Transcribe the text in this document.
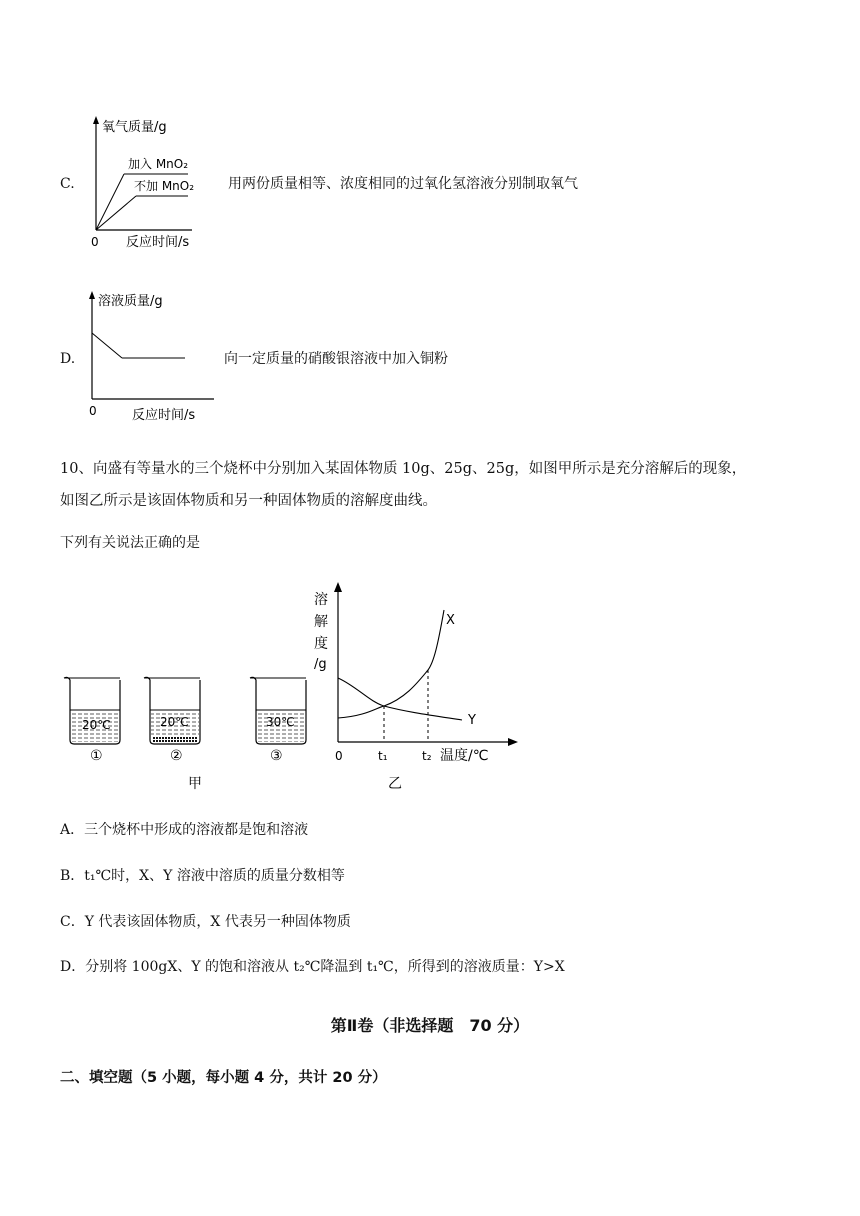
C.
氧气质量/g
加入 MnO₂
不加 MnO₂
0 反应时间/s
用两份质量相等、浓度相同的过氧化氢溶液分别制取氧气
D.
溶液质量/g
0	反应时间/s
向一定质量的硝酸银溶液中加入铜粉
10、向盛有等量水的三个烧杯中分别加入某固体物质 10g、25g、25g，如图甲所示是充分溶解后的现象，
如图乙所示是该固体物质和另一种固体物质的溶解度曲线。
下列有关说法正确的是
20℃	20℃	30℃
①	②	③
甲
溶
解
度
/g
X
Y
0	t₁	t₂ 温度/℃
乙
A．三个烧杯中形成的溶液都是饱和溶液
B．t₁℃时，X、Y 溶液中溶质的质量分数相等
C．Y 代表该固体物质，X 代表另一种固体物质
D．分别将 100gX、Y 的饱和溶液从 t₂℃降温到 t₁℃，所得到的溶液质量：Y>X
第Ⅱ卷（非选择题　70 分）
二、填空题（5 小题，每小题 4 分，共计 20 分）
